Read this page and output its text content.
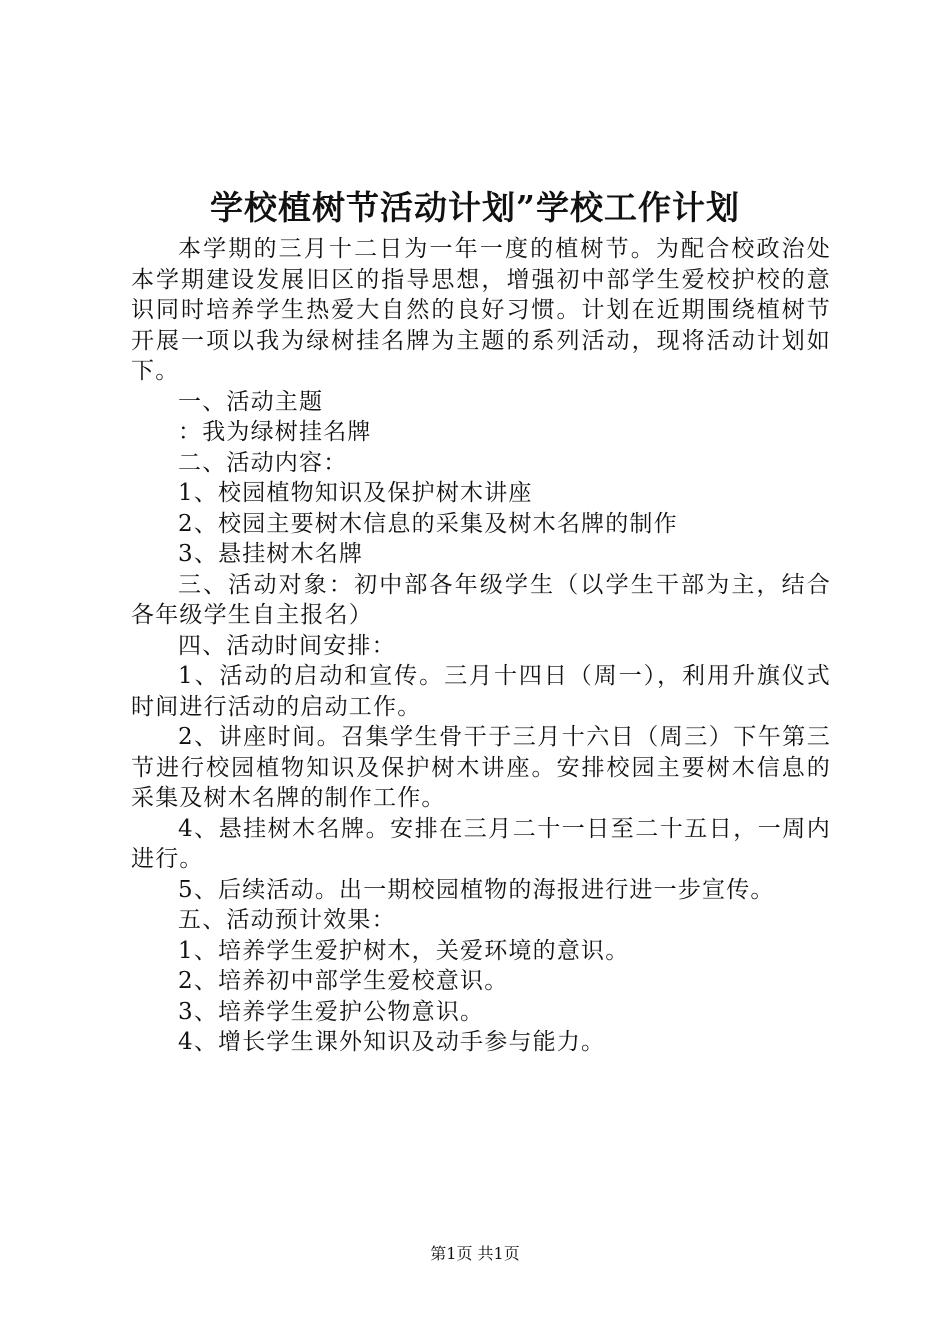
学校植树节活动计划”学校工作计划

本学期的三月十二日为一年一度的植树节。为配合校政治处本学期建设发展旧区的指导思想，增强初中部学生爱校护校的意识同时培养学生热爱大自然的良好习惯。计划在近期围绕植树节开展一项以我为绿树挂名牌为主题的系列活动，现将活动计划如下。

一、活动主题

：我为绿树挂名牌

二、活动内容：

1、校园植物知识及保护树木讲座

2、校园主要树木信息的采集及树木名牌的制作

3、悬挂树木名牌

三、活动对象：初中部各年级学生（以学生干部为主，结合各年级学生自主报名）

四、活动时间安排：

1、活动的启动和宣传。三月十四日（周一），利用升旗仪式时间进行活动的启动工作。

2、讲座时间。召集学生骨干于三月十六日（周三）下午第三节进行校园植物知识及保护树木讲座。安排校园主要树木信息的采集及树木名牌的制作工作。

4、悬挂树木名牌。安排在三月二十一日至二十五日，一周内进行。

5、后续活动。出一期校园植物的海报进行进一步宣传。

五、活动预计效果：

1、培养学生爱护树木，关爱环境的意识。

2、培养初中部学生爱校意识。

3、培养学生爱护公物意识。

4、增长学生课外知识及动手参与能力。

第1页 共1页
